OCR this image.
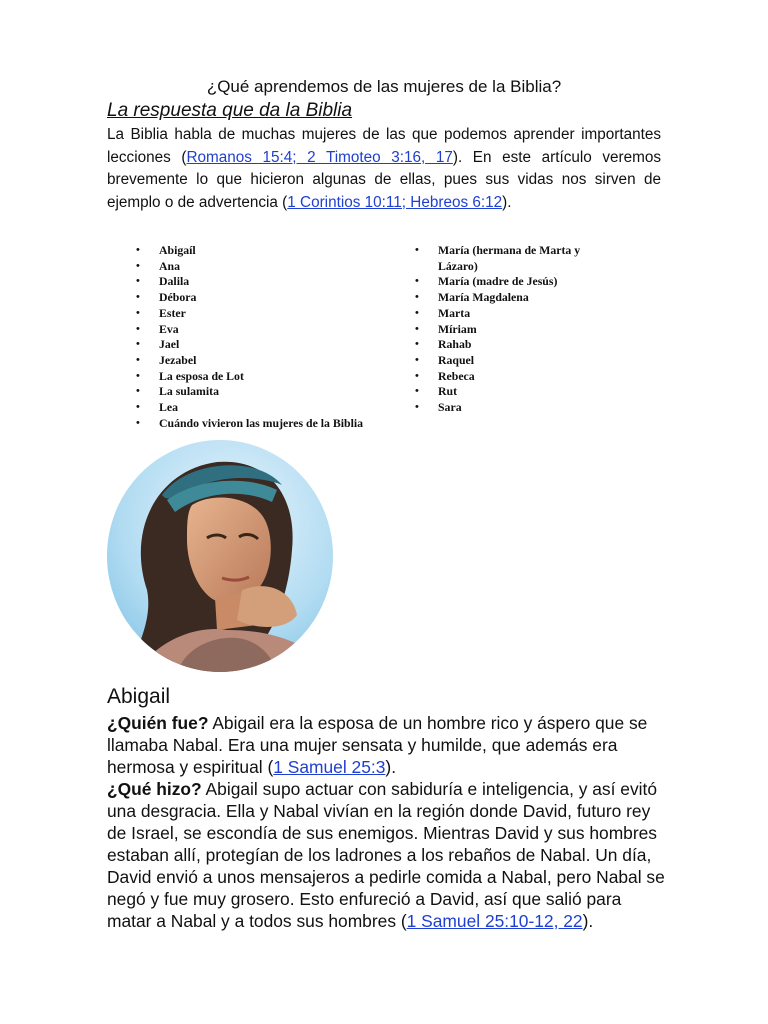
¿Qué aprendemos de las mujeres de la Biblia?

La respuesta que da la Biblia

La Biblia habla de muchas mujeres de las que podemos aprender importantes lecciones (Romanos 15:4; 2 Timoteo 3:16, 17). En este artículo veremos brevemente lo que hicieron algunas de ellas, pues sus vidas nos sirven de ejemplo o de advertencia (1 Corintios 10:11; Hebreos 6:12).

• Abigaíl
• Ana
• Dalila
• Débora
• Ester
• Eva
• Jael
• Jezabel
• La esposa de Lot
• La sulamita
• Lea
• Cuándo vivieron las mujeres de la Biblia
• María (hermana de Marta y Lázaro)
• María (madre de Jesús)
• María Magdalena
• Marta
• Míriam
• Rahab
• Raquel
• Rebeca
• Rut
• Sara
Abigail

¿Quién fue? Abigail era la esposa de un hombre rico y áspero que se llamaba Nabal. Era una mujer sensata y humilde, que además era hermosa y espiritual (1 Samuel 25:3).
¿Qué hizo? Abigail supo actuar con sabiduría e inteligencia, y así evitó una desgracia. Ella y Nabal vivían en la región donde David, futuro rey de Israel, se escondía de sus enemigos. Mientras David y sus hombres estaban allí, protegían de los ladrones a los rebaños de Nabal. Un día, David envió a unos mensajeros a pedirle comida a Nabal, pero Nabal se negó y fue muy grosero. Esto enfureció a David, así que salió para matar a Nabal y a todos sus hombres (1 Samuel 25:10-12, 22).
